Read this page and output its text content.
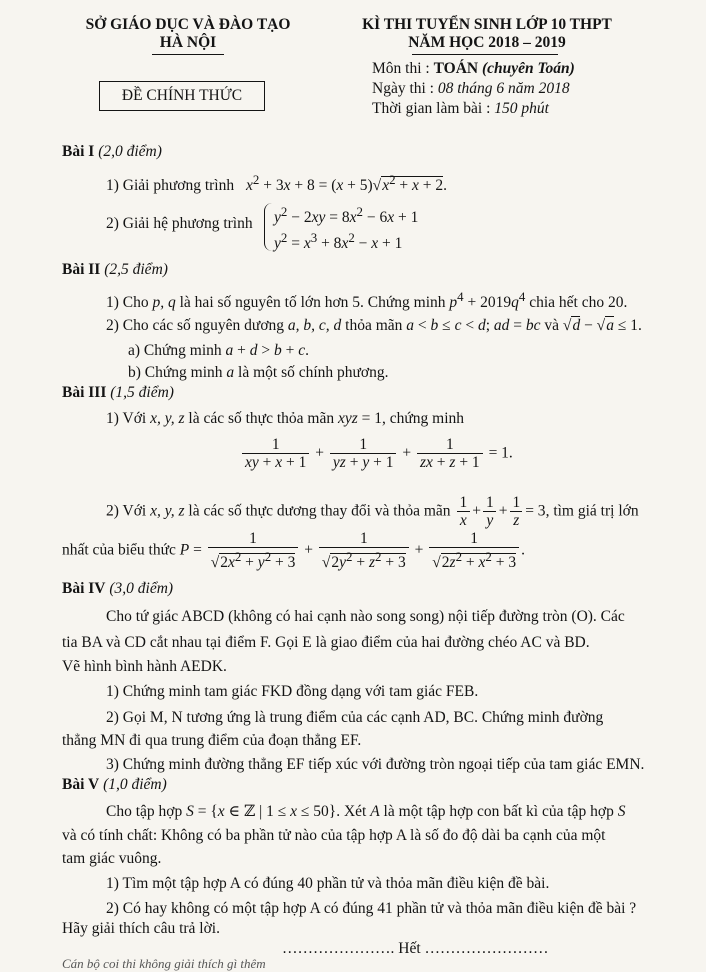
SỞ GIÁO DỤC VÀ ĐÀO TẠO
HÀ NỘI
ĐỀ CHÍNH THỨC
KÌ THI TUYỂN SINH LỚP 10 THPT
NĂM HỌC 2018 – 2019
Môn thi : TOÁN (chuyên Toán)
Ngày thi : 08 tháng 6 năm 2018
Thời gian làm bài : 150 phút
Bài I (2,0 điểm)
1) Giải phương trình $x^2 + 3x + 8 = (x + 5)√x^2 + x + 2$.
2) Giải hệ phương trình $y^2 - 2xy = 8x^2 - 6x + 1$
$y^2 = x^3 + 8x^2 - x + 1$
Bài II (2,5 điểm)
1) Cho p, q là hai số nguyên tố lớn hơn 5. Chứng minh $p^4 + 2019q^4$ chia hết cho 20.
2) Cho các số nguyên dương a, b, c, d thỏa mãn a < b ≤ c < d; ad = bc và √d − √a ≤ 1.
a) Chứng minh a + d > b + c.
b) Chứng minh a là một số chính phương.
Bài III (1,5 điểm)
1) Với x, y, z là các số thực thỏa mãn xyz = 1, chứng minh
$\frac{1}{xy + x + 1} + \frac{1}{yz + y + 1} + \frac{1}{zx + z + 1} = 1$.
2) Với x, y, z là các số thực dương thay đổi và thỏa mãn $\frac{1}{x} + \frac{1}{y} + \frac{1}{z} = 3$, tìm giá trị lớn
nhất của biểu thức $P = \frac{1}{√2x^2 + y^2 + 3} + \frac{1}{√2y^2 + z^2 + 3} + \frac{1}{√2z^2 + x^2 + 3}$ .
Bài IV (3,0 điểm)
Cho tứ giác ABCD (không có hai cạnh nào song song) nội tiếp đường tròn (O). Các
tia BA và CD cắt nhau tại điểm F. Gọi E là giao điểm của hai đường chéo AC và BD.
Vẽ hình bình hành AEDK.
1) Chứng minh tam giác FKD đồng dạng với tam giác FEB.
2) Gọi M, N tương ứng là trung điểm của các cạnh AD, BC. Chứng minh đường
thẳng MN đi qua trung điểm của đoạn thẳng EF.
3) Chứng minh đường thẳng EF tiếp xúc với đường tròn ngoại tiếp của tam giác EMN.
Bài V (1,0 điểm)
Cho tập hợp S = {x ∈ ℤ | 1 ≤ x ≤ 50}. Xét A là một tập hợp con bất kì của tập hợp S
và có tính chất: Không có ba phần tử nào của tập hợp A là số đo độ dài ba cạnh của một
tam giác vuông.
1) Tìm một tập hợp A có đúng 40 phần tử và thỏa mãn điều kiện đề bài.
2) Có hay không có một tập hợp A có đúng 41 phần tử và thỏa mãn điều kiện đề bài ?
Hãy giải thích câu trả lời.
…………………. Hết ……………………
Cán bộ coi thi không giải thích gì thêm
